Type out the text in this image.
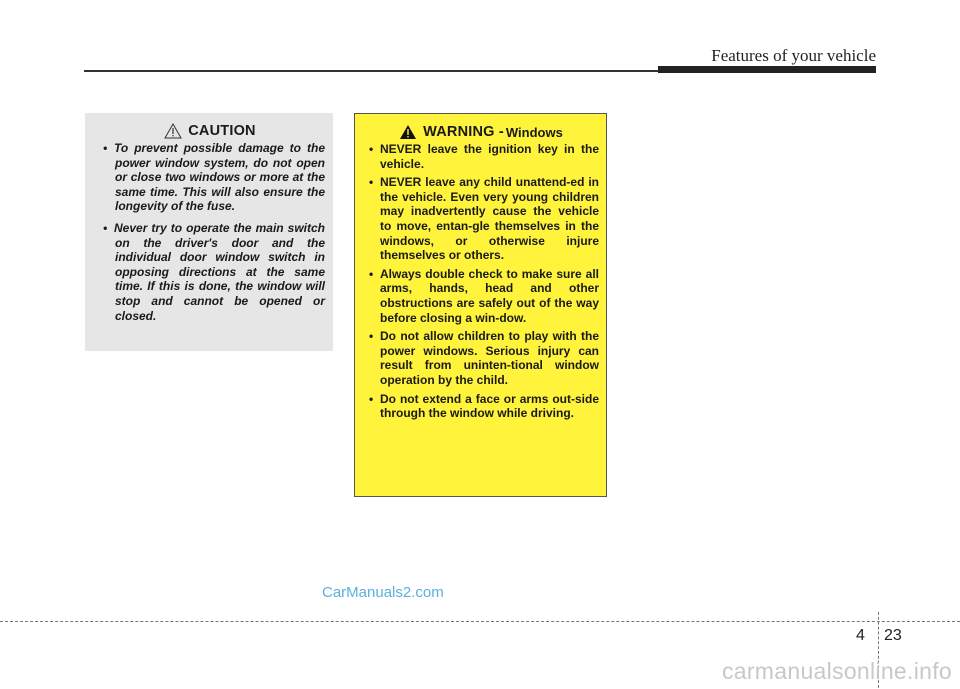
Features of your vehicle
CAUTION
• To prevent possible damage to the power window system, do not open or close two windows or more at the same time. This will also ensure the longevity of the fuse.
• Never try to operate the main switch on the driver's door and the individual door window switch in opposing directions at the same time. If this is done, the window will stop and cannot be opened or closed.
WARNING - Windows
• NEVER leave the ignition key in the vehicle.
• NEVER leave any child unattend-ed in the vehicle. Even very young children may inadvertently cause the vehicle to move, entan-gle themselves in the windows, or otherwise injure themselves or others.
• Always double check to make sure all arms, hands, head and other obstructions are safely out of the way before closing a win-dow.
• Do not allow children to play with the power windows. Serious injury can result from uninten-tional window operation by the child.
• Do not extend a face or arms out-side through the window while driving.
CarManuals2.com
4 23
carmanualsonline.info
